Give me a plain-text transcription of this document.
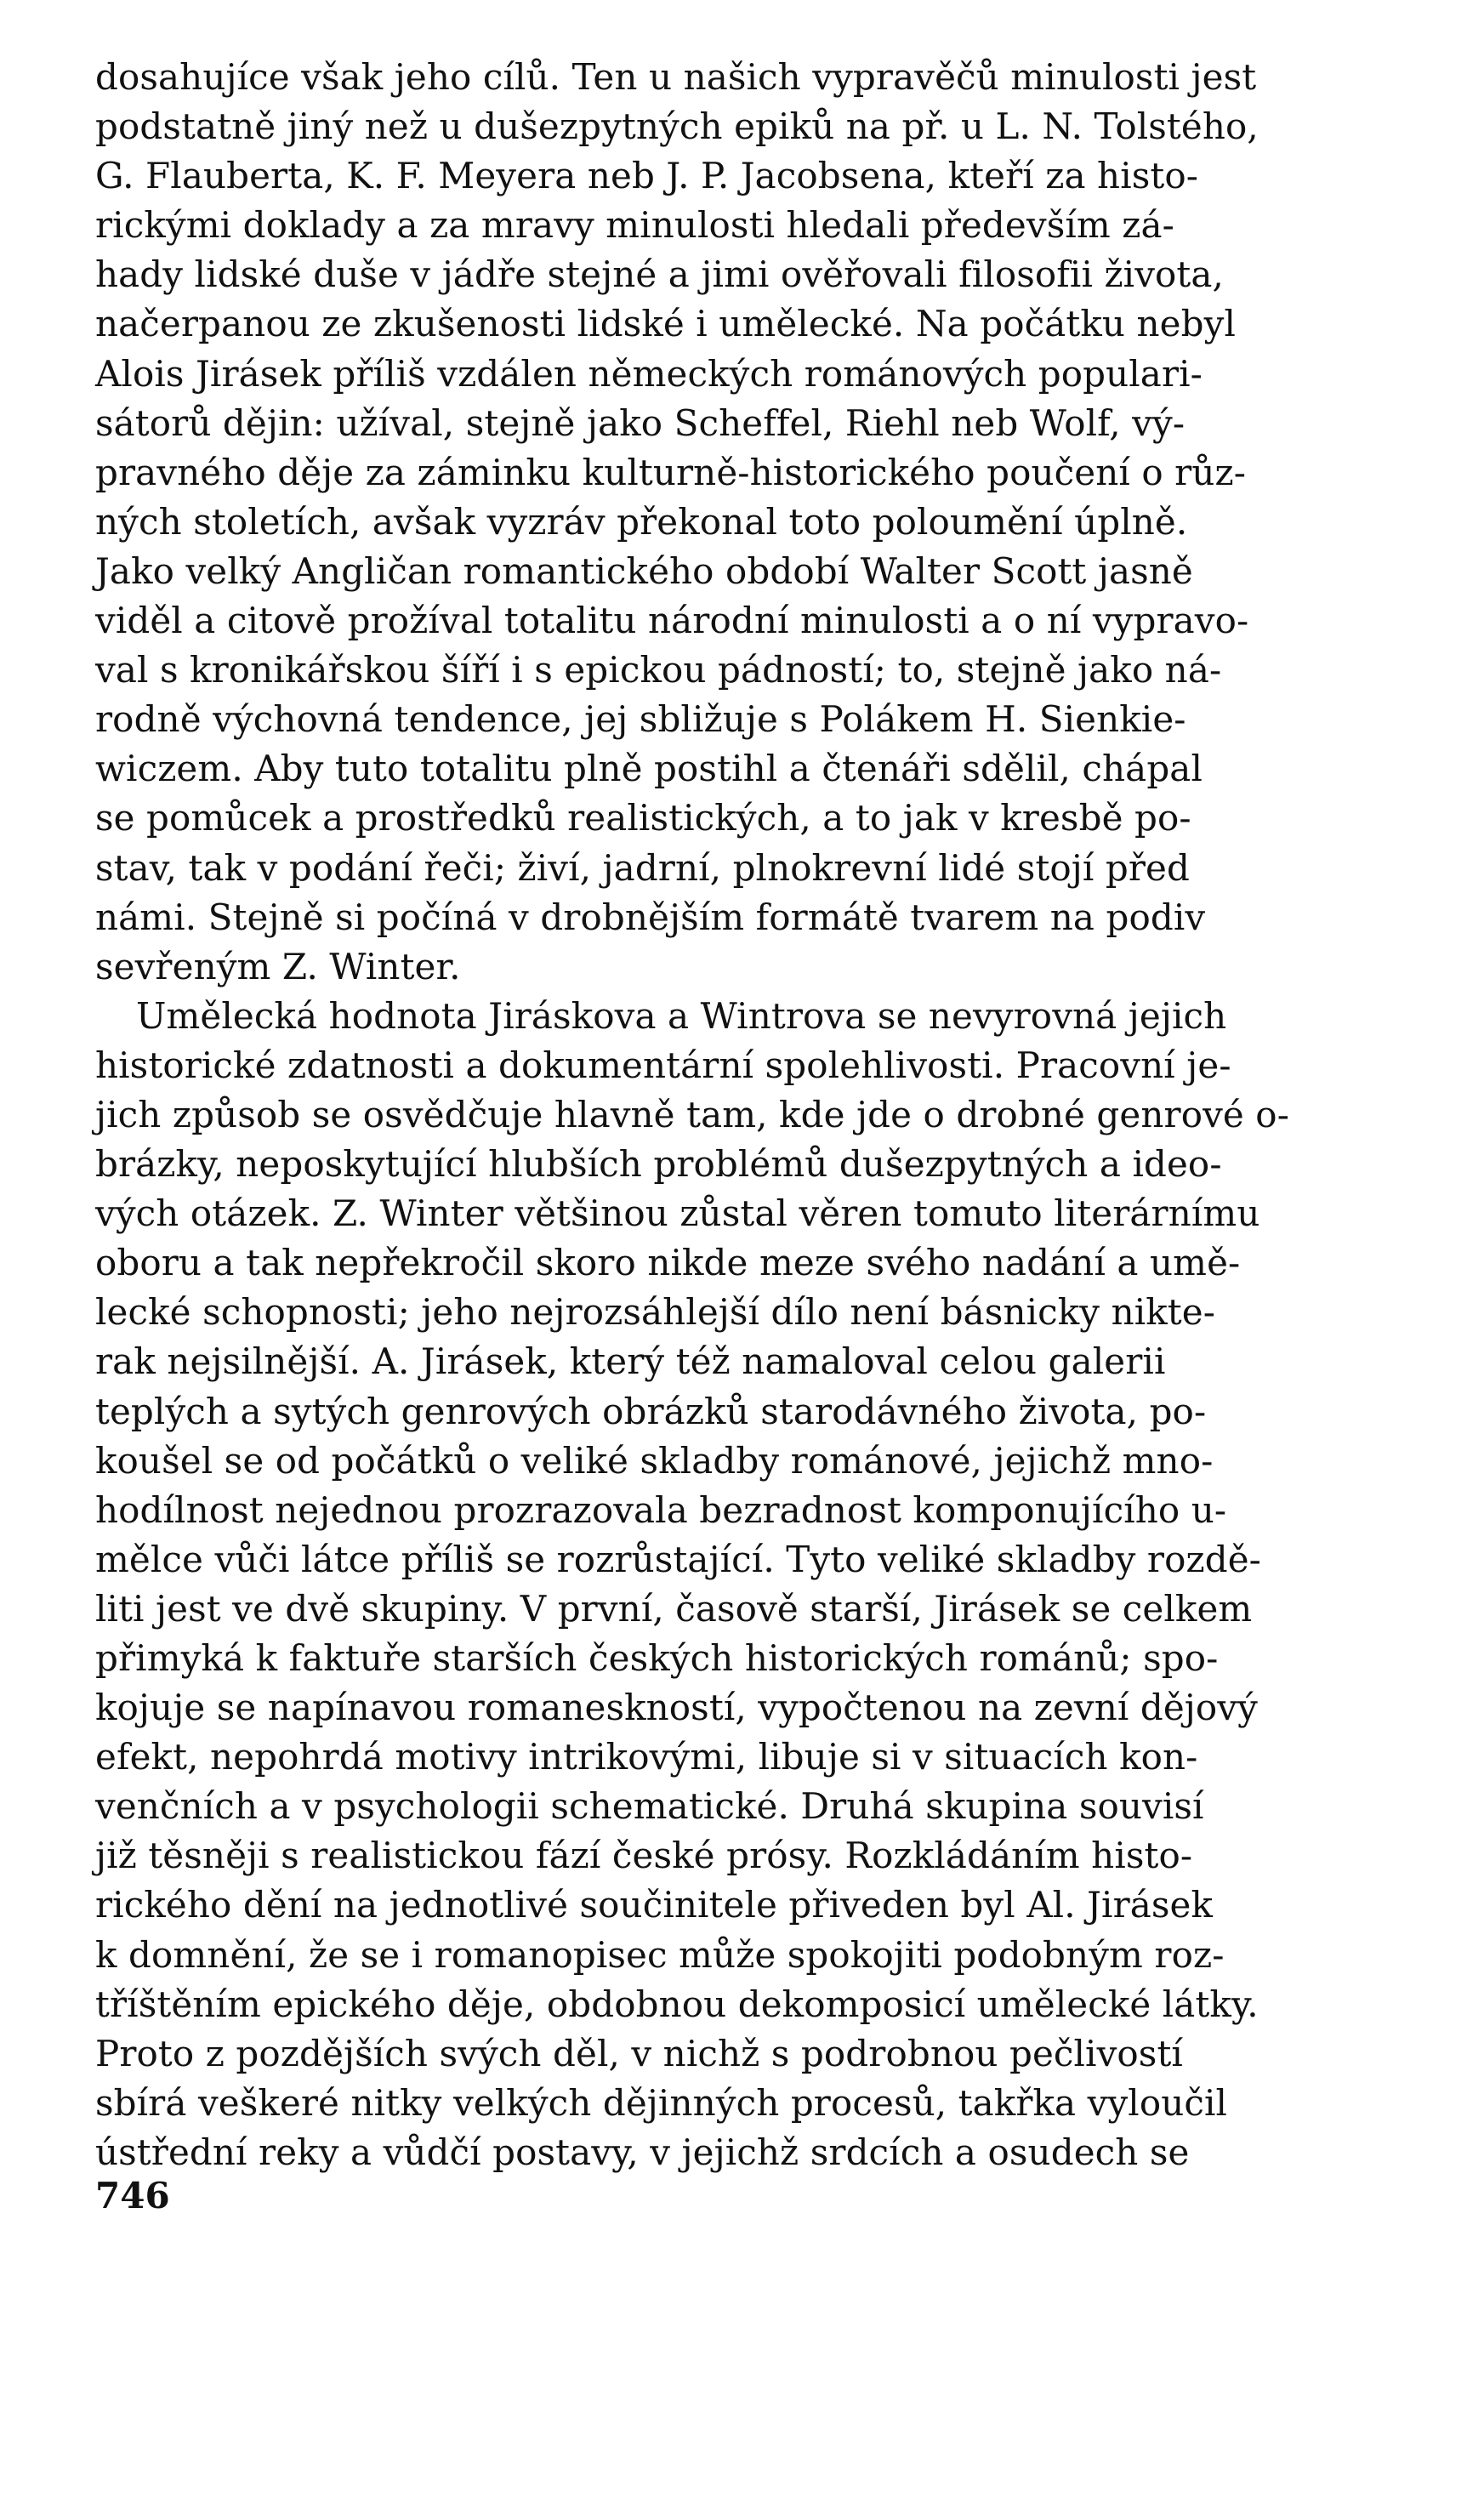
dosahujíce však jeho cílů. Ten u našich vypravěčů minulosti jest
podstatně jiný než u dušezpytných epiků na př. u L. N. Tolstého,
G. Flauberta, K. F. Meyera neb J. P. Jacobsena, kteří za histo-
rickými doklady a za mravy minulosti hledali především zá-
hady lidské duše v jádře stejné a jimi ověřovali filosofii života,
načerpanou ze zkušenosti lidské i umělecké. Na počátku nebyl
Alois Jirásek příliš vzdálen německých románových populari-
sátorů dějin: užíval, stejně jako Scheffel, Riehl neb Wolf, vý-
pravného děje za záminku kulturně-historického poučení o růz-
ných stoletích, avšak vyzráv překonal toto poloumění úplně.
Jako velký Angličan romantického období Walter Scott jasně
viděl a citově prožíval totalitu národní minulosti a o ní vypravo-
val s kronikářskou šíří i s epickou pádností; to, stejně jako ná-
rodně výchovná tendence, jej sbližuje s Polákem H. Sienkie-
wiczem. Aby tuto totalitu plně postihl a čtenáři sdělil, chápal
se pomůcek a prostředků realistických, a to jak v kresbě po-
stav, tak v podání řeči; živí, jadrní, plnokrevní lidé stojí před
námi. Stejně si počíná v drobnějším formátě tvarem na podiv
sevřeným Z. Winter.
Umělecká hodnota Jiráskova a Wintrova se nevyrovná jejich
historické zdatnosti a dokumentární spolehlivosti. Pracovní je-
jich způsob se osvědčuje hlavně tam, kde jde o drobné genrové o-
brázky, neposkytující hlubších problémů dušezpytných a ideo-
vých otázek. Z. Winter většinou zůstal věren tomuto literárnímu
oboru a tak nepřekročil skoro nikde meze svého nadání a umě-
lecké schopnosti; jeho nejrozsáhlejší dílo není básnicky nikte-
rak nejsilnější. A. Jirásek, který též namaloval celou galerii
teplých a sytých genrových obrázků starodávného života, po-
koušel se od počátků o veliké skladby románové, jejichž mno-
hodílnost nejednou prozrazovala bezradnost komponujícího u-
mělce vůči látce příliš se rozrůstající. Tyto veliké skladby rozdě-
liti jest ve dvě skupiny. V první, časově starší, Jirásek se celkem
přimyká k faktuře starších českých historických románů; spo-
kojuje se napínavou romaneskností, vypočtenou na zevní dějový
efekt, nepohrdá motivy intrikovými, libuje si v situacích kon-
venčních a v psychologii schematické. Druhá skupina souvisí
již těsněji s realistickou fází české prósy. Rozkládáním histo-
rického dění na jednotlivé součinitele přiveden byl Al. Jirásek
k domnění, že se i romanopisec může spokojiti podobným roz-
tříštěním epického děje, obdobnou dekomposicí umělecké látky.
Proto z pozdějších svých děl, v nichž s podrobnou pečlivostí
sbírá veškeré nitky velkých dějinných procesů, takřka vyloučil
ústřední reky a vůdčí postavy, v jejichž srdcích a osudech se
746
